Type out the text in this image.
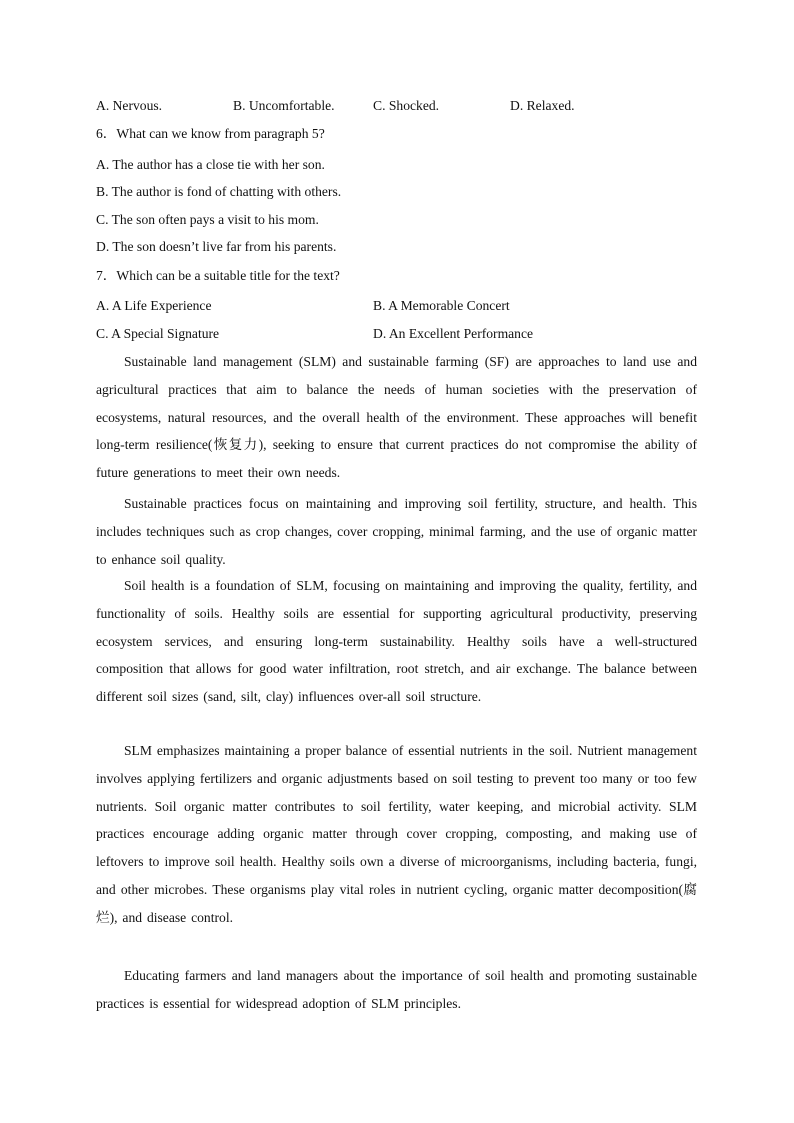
A. Nervous.	B. Uncomfortable.	C. Shocked.	D. Relaxed.
6．What can we know from paragraph 5?
A. The author has a close tie with her son.
B. The author is fond of chatting with others.
C. The son often pays a visit to his mom.
D. The son doesn’t live far from his parents.
7．Which can be a suitable title for the text?
A. A Life Experience	B. A Memorable Concert
C. A Special Signature	D. An Excellent Performance

Sustainable land management (SLM) and sustainable farming (SF) are approaches to land use and agricultural practices that aim to balance the needs of human societies with the preservation of ecosystems, natural resources, and the overall health of the environment. These approaches will benefit long-term resilience(恢复力), seeking to ensure that current practices do not compromise the ability of future generations to meet their own needs.

Sustainable practices focus on maintaining and improving soil fertility, structure, and health. This includes techniques such as crop changes, cover cropping, minimal farming, and the use of organic matter to enhance soil quality.

Soil health is a foundation of SLM, focusing on maintaining and improving the quality, fertility, and functionality of soils. Healthy soils are essential for supporting agricultural productivity, preserving ecosystem services, and ensuring long-term sustainability. Healthy soils have a well-structured composition that allows for good water infiltration, root stretch, and air exchange. The balance between different soil sizes (sand, silt, clay) influences over-all soil structure.

SLM emphasizes maintaining a proper balance of essential nutrients in the soil. Nutrient management involves applying fertilizers and organic adjustments based on soil testing to prevent too many or too few nutrients. Soil organic matter contributes to soil fertility, water keeping, and microbial activity. SLM practices encourage adding organic matter through cover cropping, composting, and making use of leftovers to improve soil health. Healthy soils own a diverse of microorganisms, including bacteria, fungi, and other microbes. These organisms play vital roles in nutrient cycling, organic matter decomposition(腐烂), and disease control.

Educating farmers and land managers about the importance of soil health and promoting sustainable practices is essential for widespread adoption of SLM principles.
